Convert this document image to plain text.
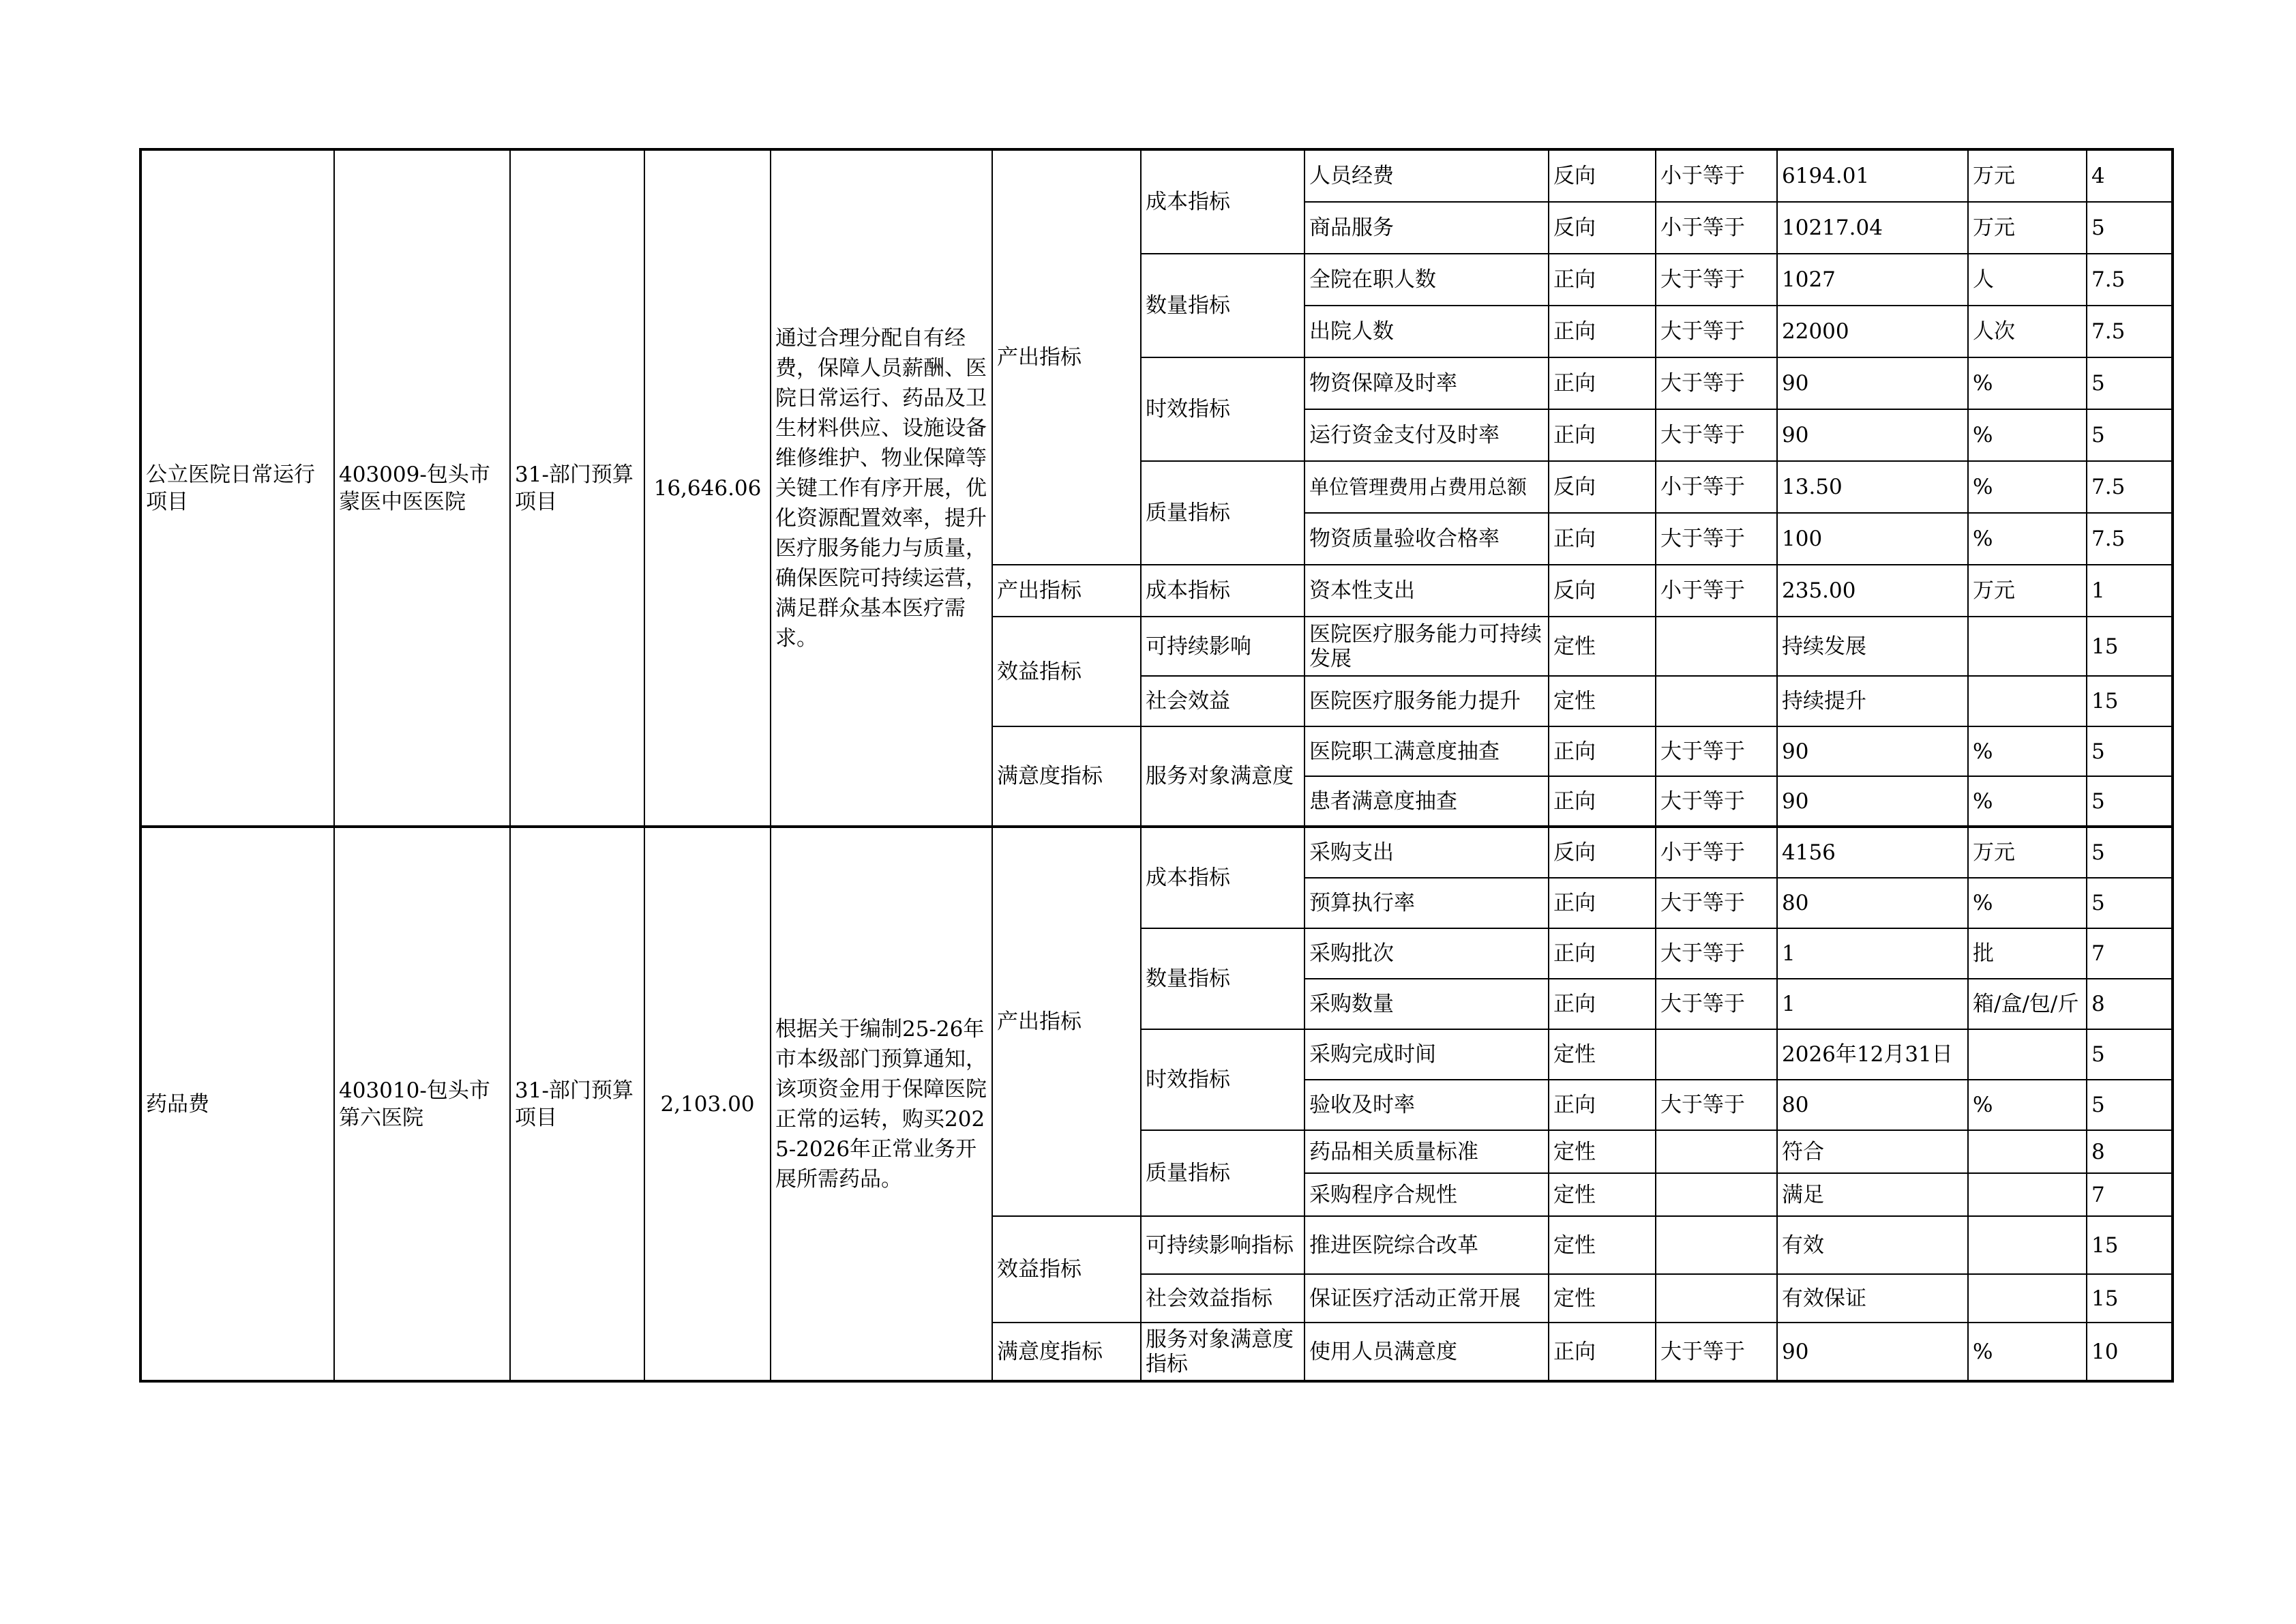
公立医院日常运行项目	403009-包头市蒙医中医医院	31-部门预算项目	16,646.06	通过合理分配自有经费，保障人员薪酬、医院日常运行、药品及卫生材料供应、设施设备维修维护、物业保障等关键工作有序开展，优化资源配置效率，提升医疗服务能力与质量，确保医院可持续运营，满足群众基本医疗需求。	产出指标	成本指标	人员经费	反向	小于等于	6194.01	万元	4
							商品服务	反向	小于等于	10217.04	万元	5
						数量指标	全院在职人数	正向	大于等于	1027	人	7.5
							出院人数	正向	大于等于	22000	人次	7.5
						时效指标	物资保障及时率	正向	大于等于	90	%	5
							运行资金支付及时率	正向	大于等于	90	%	5
						质量指标	单位管理费用占费用总额	反向	小于等于	13.50	%	7.5
							物资质量验收合格率	正向	大于等于	100	%	7.5
					产出指标	成本指标	资本性支出	反向	小于等于	235.00	万元	1
					效益指标	可持续影响	医院医疗服务能力可持续发展	定性		持续发展		15
						社会效益	医院医疗服务能力提升	定性		持续提升		15
					满意度指标	服务对象满意度	医院职工满意度抽查	正向	大于等于	90	%	5
							患者满意度抽查	正向	大于等于	90	%	5
药品费	403010-包头市第六医院	31-部门预算项目	2,103.00	根据关于编制25-26年市本级部门预算通知，该项资金用于保障医院正常的运转，购买2025-2026年正常业务开展所需药品。	产出指标	成本指标	采购支出	反向	小于等于	4156	万元	5
							预算执行率	正向	大于等于	80	%	5
						数量指标	采购批次	正向	大于等于	1	批	7
							采购数量	正向	大于等于	1	箱/盒/包/斤	8
						时效指标	采购完成时间	定性		2026年12月31日		5
							验收及时率	正向	大于等于	80	%	5
						质量指标	药品相关质量标准	定性		符合		8
							采购程序合规性	定性		满足		7
					效益指标	可持续影响指标	推进医院综合改革	定性		有效		15
						社会效益指标	保证医疗活动正常开展	定性		有效保证		15
					满意度指标	服务对象满意度指标	使用人员满意度	正向	大于等于	90	%	10
